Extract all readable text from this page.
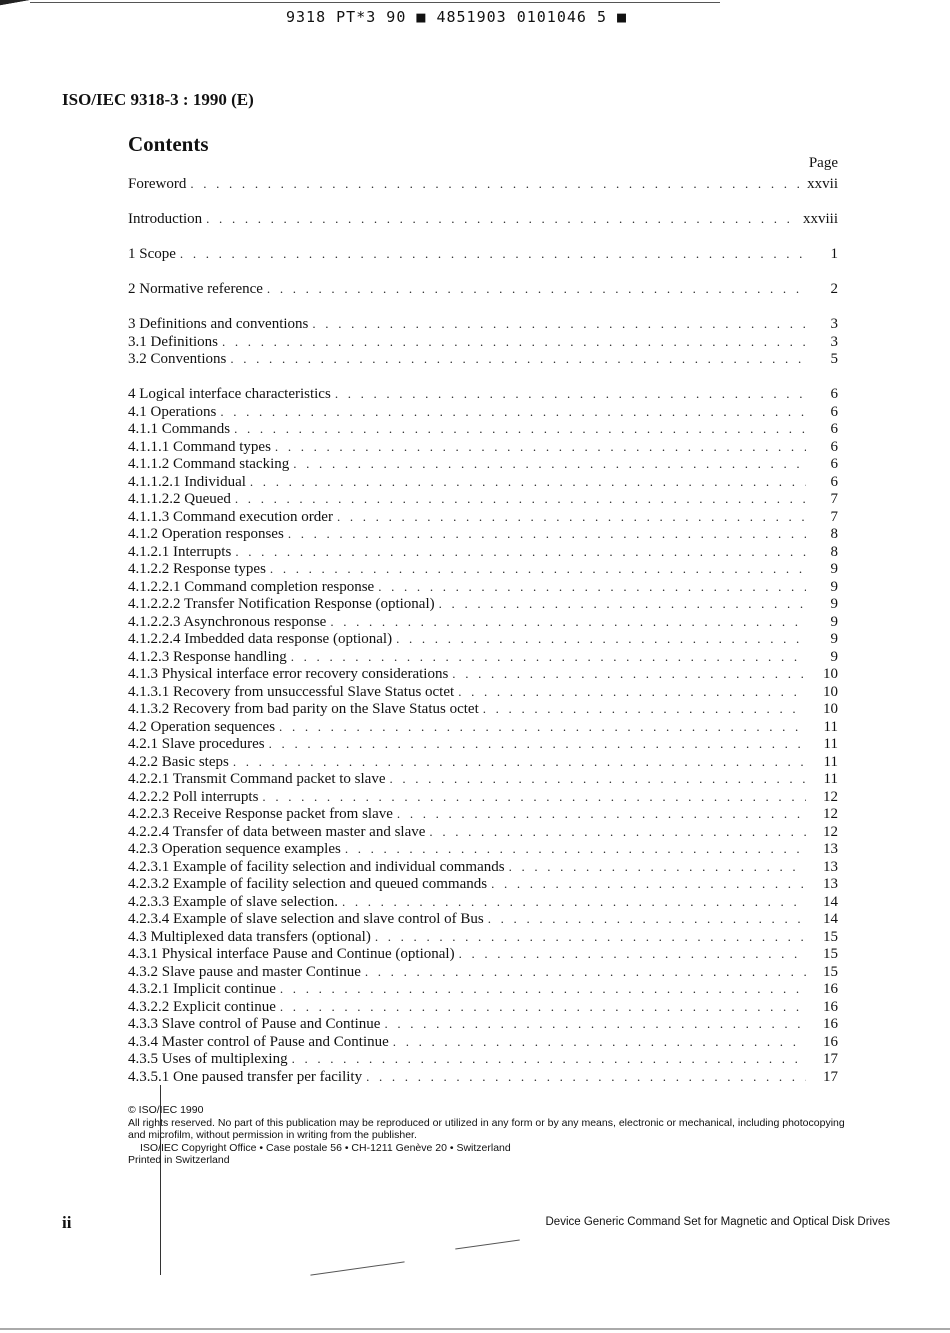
9318 PT*3 90 ■ 4851903 0101046 5 ■
ISO/IEC 9318-3 : 1990 (E)
Contents
Page
Foreword . . .	xxvii
Introduction . . .	xxviii
1 Scope . . .	1
2 Normative reference . . .	2
3 Definitions and conventions . . .	3
3.1 Definitions . . .	3
3.2 Conventions . . .	5
4 Logical interface characteristics . . .	6
4.1 Operations . . .	6
4.1.1 Commands . . .	6
4.1.1.1 Command types . . .	6
4.1.1.2 Command stacking . . .	6
4.1.1.2.1 Individual . . .	6
4.1.1.2.2 Queued . . .	7
4.1.1.3 Command execution order . . .	7
4.1.2 Operation responses . . .	8
4.1.2.1 Interrupts . . .	8
4.1.2.2 Response types . . .	9
4.1.2.2.1 Command completion response . . .	9
4.1.2.2.2 Transfer Notification Response (optional) . . .	9
4.1.2.2.3 Asynchronous response . . .	9
4.1.2.2.4 Imbedded data response (optional) . . .	9
4.1.2.3 Response handling . . .	9
4.1.3 Physical interface error recovery considerations . . .	10
4.1.3.1 Recovery from unsuccessful Slave Status octet . . .	10
4.1.3.2 Recovery from bad parity on the Slave Status octet . . .	10
4.2 Operation sequences . . .	11
4.2.1 Slave procedures . . .	11
4.2.2 Basic steps . . .	11
4.2.2.1 Transmit Command packet to slave . . .	11
4.2.2.2 Poll interrupts . . .	12
4.2.2.3 Receive Response packet from slave . . .	12
4.2.2.4 Transfer of data between master and slave . . .	12
4.2.3 Operation sequence examples . . .	13
4.2.3.1 Example of facility selection and individual commands . . .	13
4.2.3.2 Example of facility selection and queued commands . . .	13
4.2.3.3 Example of slave selection. . . .	14
4.2.3.4 Example of slave selection and slave control of Bus . . .	14
4.3 Multiplexed data transfers (optional) . . .	15
4.3.1 Physical interface Pause and Continue (optional) . . .	15
4.3.2 Slave pause and master Continue . . .	15
4.3.2.1 Implicit continue . . .	16
4.3.2.2 Explicit continue . . .	16
4.3.3 Slave control of Pause and Continue . . .	16
4.3.4 Master control of Pause and Continue . . .	16
4.3.5 Uses of multiplexing . . .	17
4.3.5.1 One paused transfer per facility . . .	17

© ISO/IEC 1990

All rights reserved. No part of this publication may be reproduced or utilized in any form or by any means, electronic or mechanical, including photocopying and microfilm, without permission in writing from the publisher.

ISO/IEC Copyright Office • Case postale 56 • CH-1211 Genève 20 • Switzerland

Printed in Switzerland

ii	Device Generic Command Set for Magnetic and Optical Disk Drives
